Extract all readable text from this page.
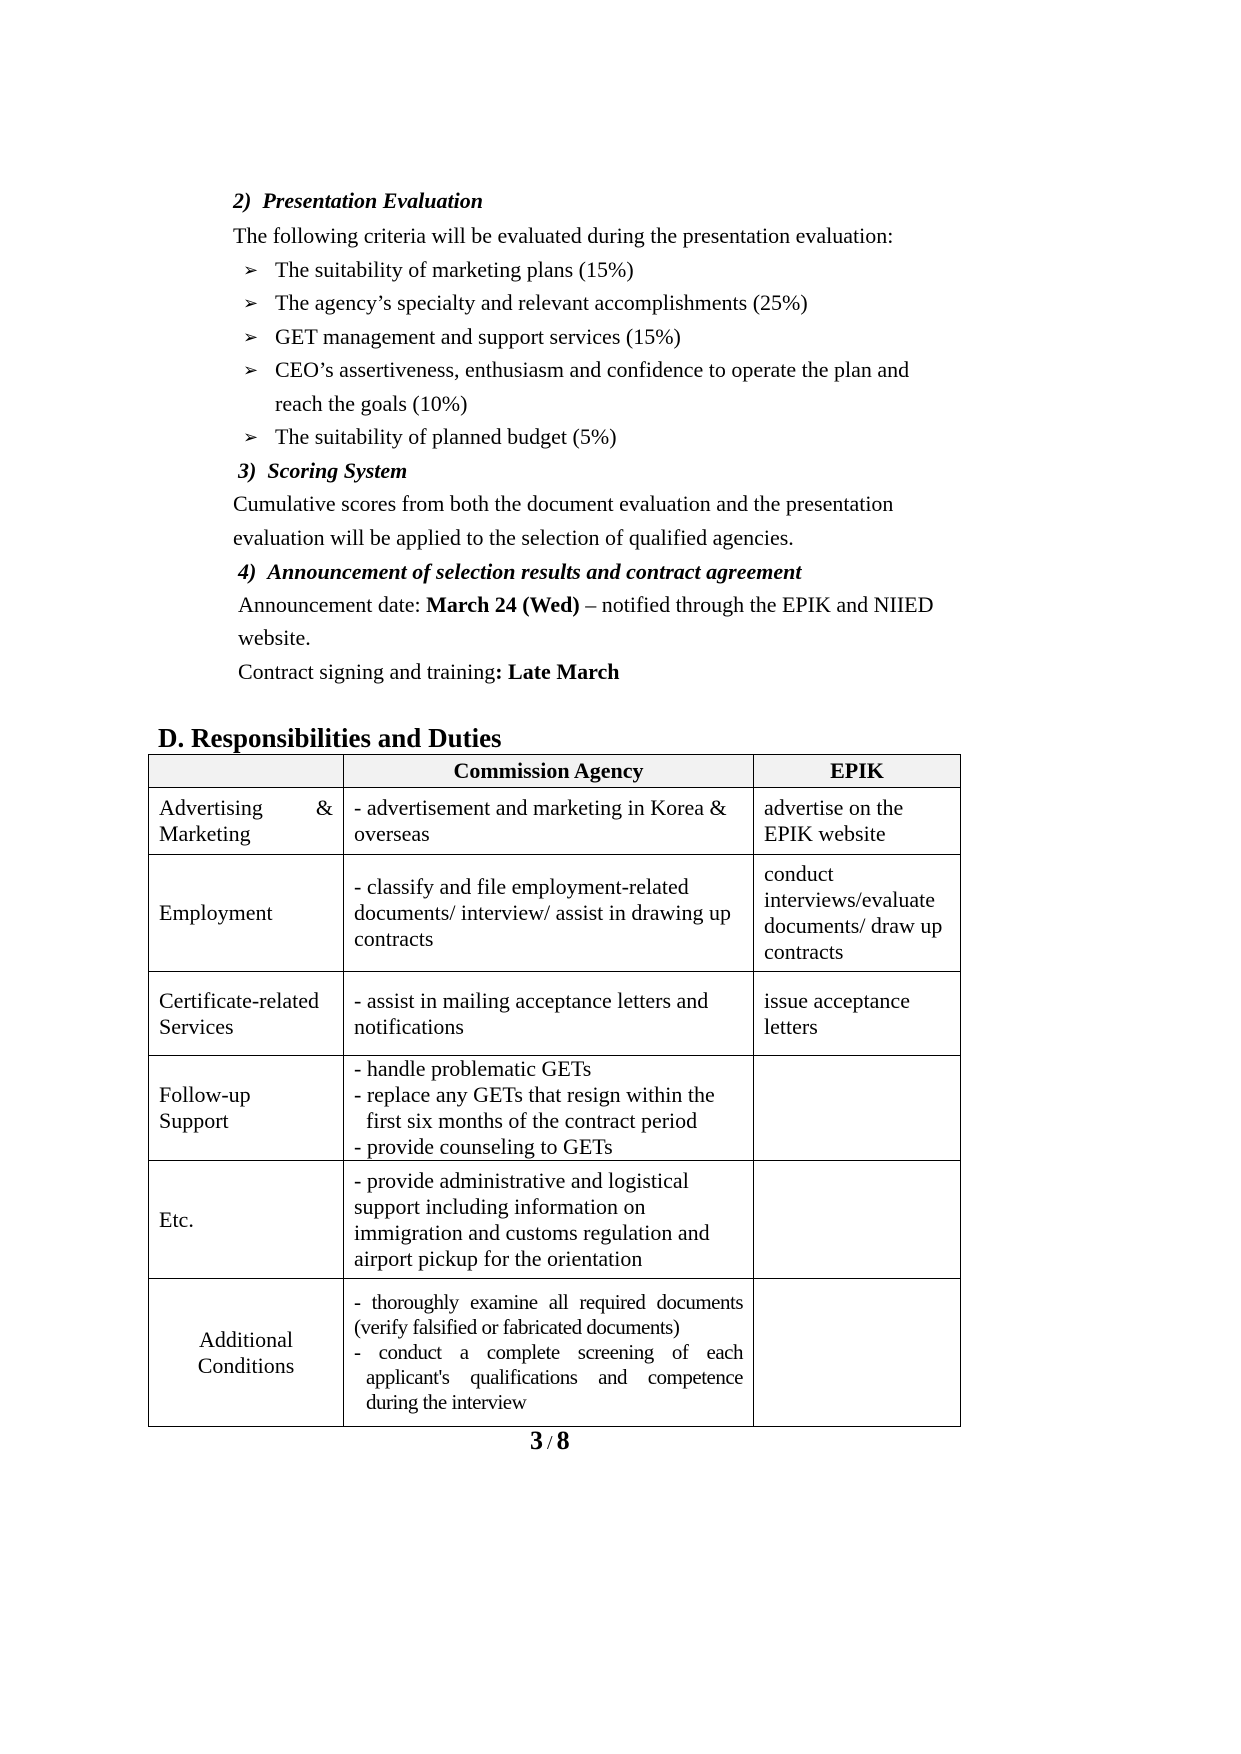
2) Presentation Evaluation
The following criteria will be evaluated during the presentation evaluation:
➢ The suitability of marketing plans (15%)
➢ The agency’s specialty and relevant accomplishments (25%)
➢ GET management and support services (15%)
➢ CEO’s assertiveness, enthusiasm and confidence to operate the plan and
reach the goals (10%)
➢ The suitability of planned budget (5%)
3) Scoring System
Cumulative scores from both the document evaluation and the presentation
evaluation will be applied to the selection of qualified agencies.
4) Announcement of selection results and contract agreement
Announcement date: March 24 (Wed) – notified through the EPIK and NIIED
website.
Contract signing and training: Late March
D. Responsibilities and Duties
	Commission Agency	EPIK

Advertising &
Marketing	- advertisement and marketing in Korea &
overseas	advertise on the
EPIK website

Employment	- classify and file employment-related
documents/ interview/ assist in drawing up
contracts	conduct
interviews/evaluate
documents/ draw up
contracts

Certificate-related
Services	- assist in mailing acceptance letters and
notifications	issue acceptance
letters

Follow-up
Support	- handle problematic GETs
- replace any GETs that resign within the
first six months of the contract period
- provide counseling to GETs	

Etc.	- provide administrative and logistical
support including information on
immigration and customs regulation and
airport pickup for the orientation	

Additional
Conditions	- thoroughly examine all required documents
(verify falsified or fabricated documents)
- conduct a complete screening of each
applicant's qualifications and competence
during the interview	

3 / 8
